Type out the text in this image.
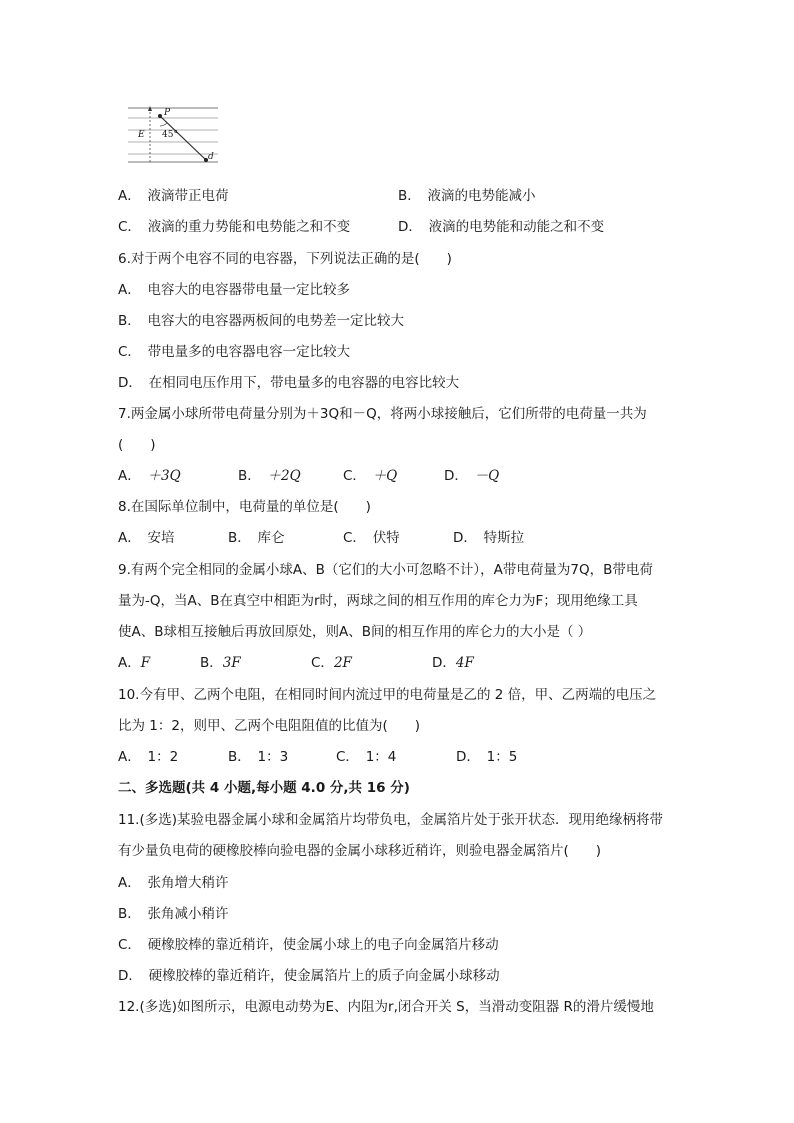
E
P
d
45°
A．　 液滴带正电荷	B．　 液滴的电势能减小
C．　 液滴的重力势能和电势能之和不变	D．　 液滴的电势能和动能之和不变
6.对于两个电容不同的电容器，下列说法正确的是(　　)
A．　 电容大的电容器带电量一定比较多
B．　 电容大的电容器两板间的电势差一定比较大
C．　 带电量多的电容器电容一定比较大
D．　 在相同电压作用下，带电量多的电容器的电容比较大
7.两金属小球所带电荷量分别为＋3Q和－Q，将两小球接触后，它们所带的电荷量一共为
(　　)
A．　 ＋3Q	B．　 ＋2Q	C．　 ＋Q	D．　 －Q
8.在国际单位制中，电荷量的单位是(　　)
A．　 安培	B．　 库仑	C．　 伏特	D．　 特斯拉
9.有两个完全相同的金属小球A、B（它们的大小可忽略不计），A带电荷量为7Q，B带电荷
量为-Q，当A、B在真空中相距为r时，两球之间的相互作用的库仑力为F；现用绝缘工具
使A、B球相互接触后再放回原处，则A、B间的相互作用的库仑力的大小是（ ）
A．F	B．3F	C．2F	D．4F
10.今有甲、乙两个电阻，在相同时间内流过甲的电荷量是乙的 2 倍，甲、乙两端的电压之
比为 1：2，则甲、乙两个电阻阻值的比值为(　　)
A．　 1：2	B．　 1：3	C．　 1：4	D．　 1：5
二、多选题(共 4 小题,每小题 4.0 分,共 16 分)
11.(多选)某验电器金属小球和金属箔片均带负电，金属箔片处于张开状态．现用绝缘柄将带
有少量负电荷的硬橡胶棒向验电器的金属小球移近稍许，则验电器金属箔片(　　)
A．　 张角增大稍许
B．　 张角减小稍许
C．　 硬橡胶棒的靠近稍许，使金属小球上的电子向金属箔片移动
D．　 硬橡胶棒的靠近稍许，使金属箔片上的质子向金属小球移动
12.(多选)如图所示，电源电动势为E、内阻为r,闭合开关 S，当滑动变阻器 R的滑片缓慢地
